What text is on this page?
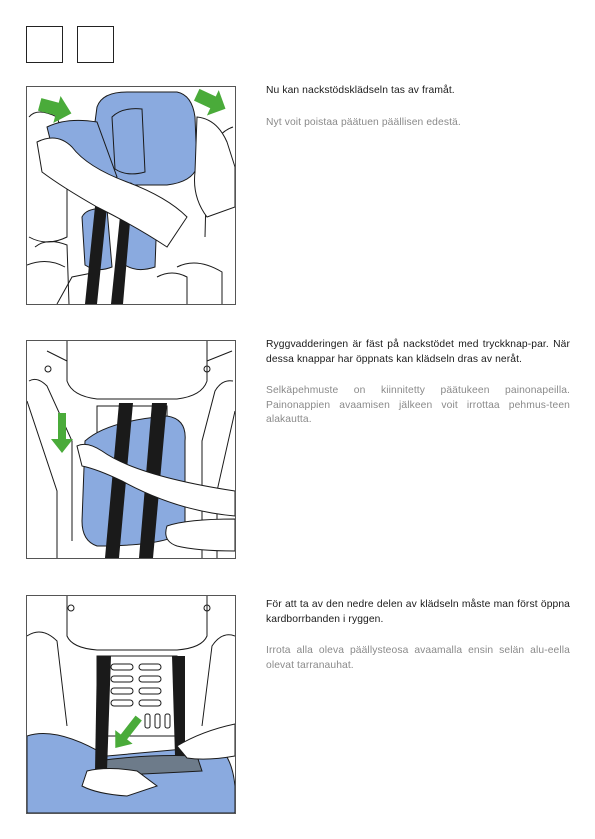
Nu kan nackstödsklädseln tas av framåt.

Nyt voit poistaa päätuen päällisen edestä.

Ryggvadderingen är fäst på nackstödet med tryckknap-par. När dessa knappar har öppnats kan klädseln dras av neråt.

Selkäpehmuste on kiinnitetty päätukeen painonapeilla. Painonappien avaamisen jälkeen voit irrottaa pehmus-teen alakautta.

För att ta av den nedre delen av klädseln måste man först öppna kardborrbanden i ryggen.

Irrota alla oleva päällysteosa avaamalla ensin selän alu-eella olevat tarranauhat.
